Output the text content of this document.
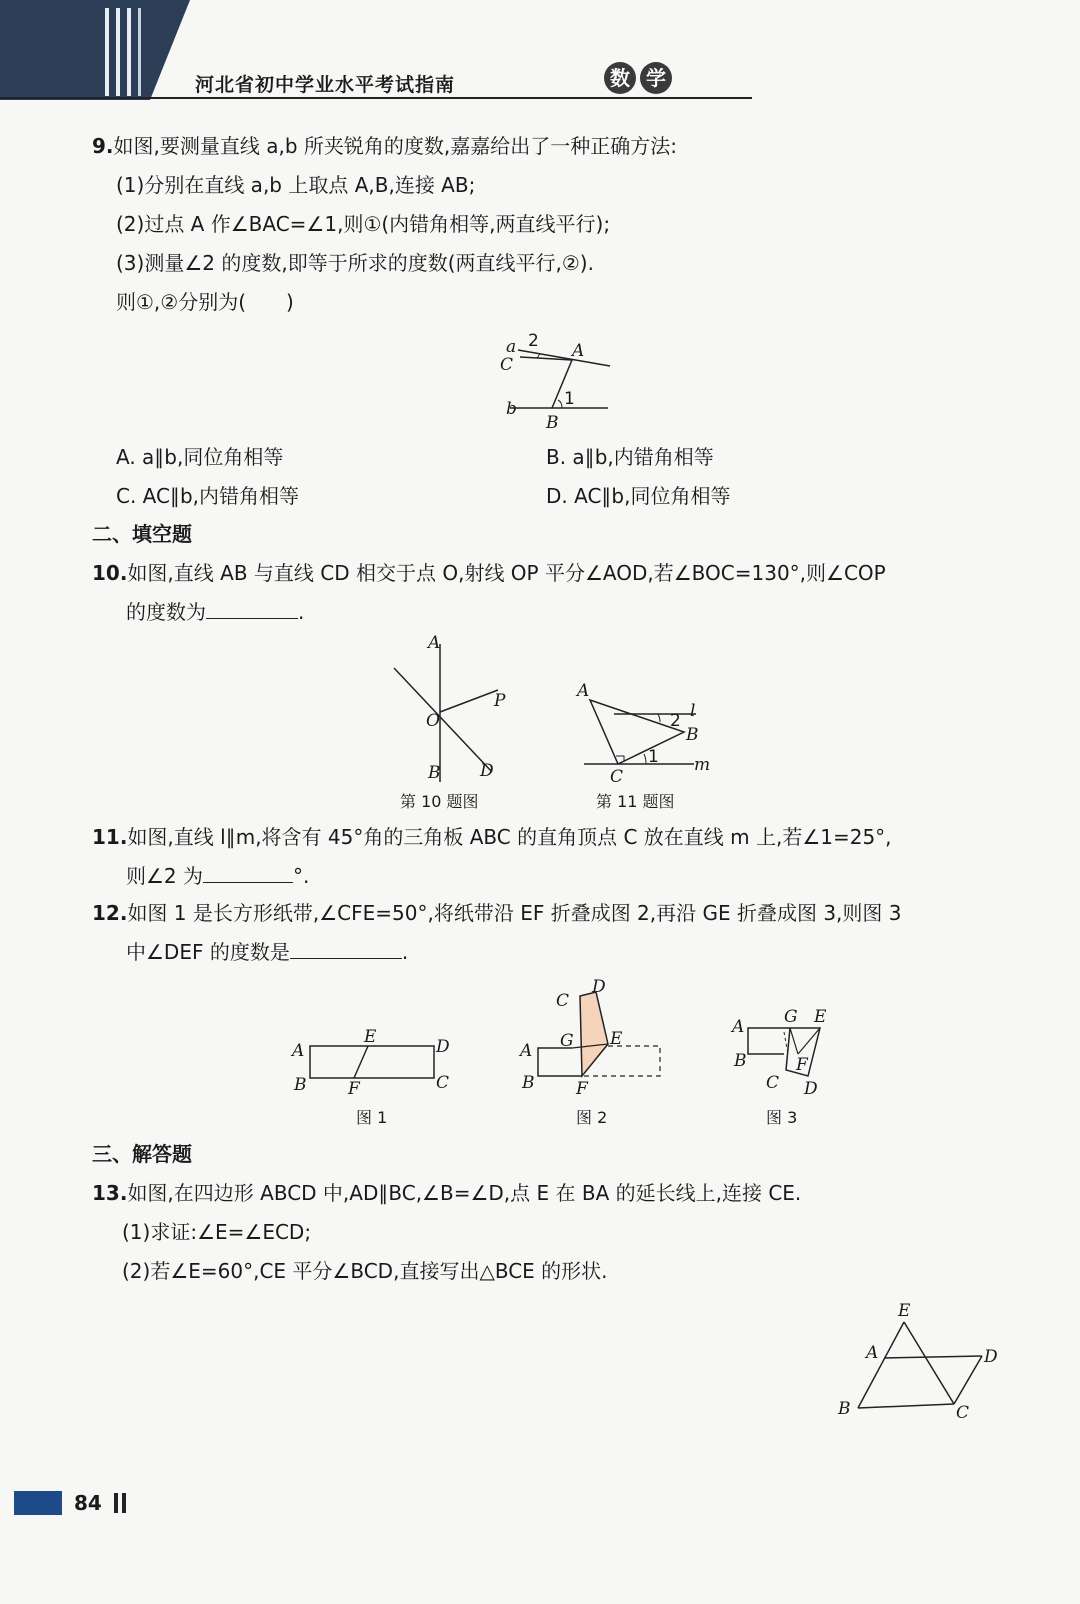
河北省初中学业水平考试指南	数 学
9.如图,要测量直线 a,b 所夹锐角的度数,嘉嘉给出了一种正确方法:
(1)分别在直线 a,b 上取点 A,B,连接 AB;
(2)过点 A 作∠BAC=∠1,则①(内错角相等,两直线平行);
(3)测量∠2 的度数,即等于所求的度数(两直线平行,②).
则①,②分别为(　　)
a 2
C
A
b	1
B
A. a∥b,同位角相等	B. a∥b,内错角相等
C. AC∥b,内错角相等	D. AC∥b,同位角相等
二、填空题
10.如图,直线 AB 与直线 CD 相交于点 O,射线 OP 平分∠AOD,若∠BOC=130°,则∠COP
的度数为	.
A
O
P
B D
第 10 题图
A
l
2
B
C
1 m
第 11 题图
11.如图,直线 l∥m,将含有 45°角的三角板 ABC 的直角顶点 C 放在直线 m 上,若∠1=25°,
则∠2 为	°.
12.如图 1 是长方形纸带,∠CFE=50°,将纸带沿 EF 折叠成图 2,再沿 GE 折叠成图 3,则图 3
中∠DEF 的度数是	.
A
E	D
B F	C
图 1
C
D
A G E
B F
图 2
A G E
B	F
C D
图 3
三、解答题
13.如图,在四边形 ABCD 中,AD∥BC,∠B=∠D,点 E 在 BA 的延长线上,连接 CE.
(1)求证:∠E=∠ECD;
(2)若∠E=60°,CE 平分∠BCD,直接写出△BCE 的形状.
E
A	D
B	C
84
